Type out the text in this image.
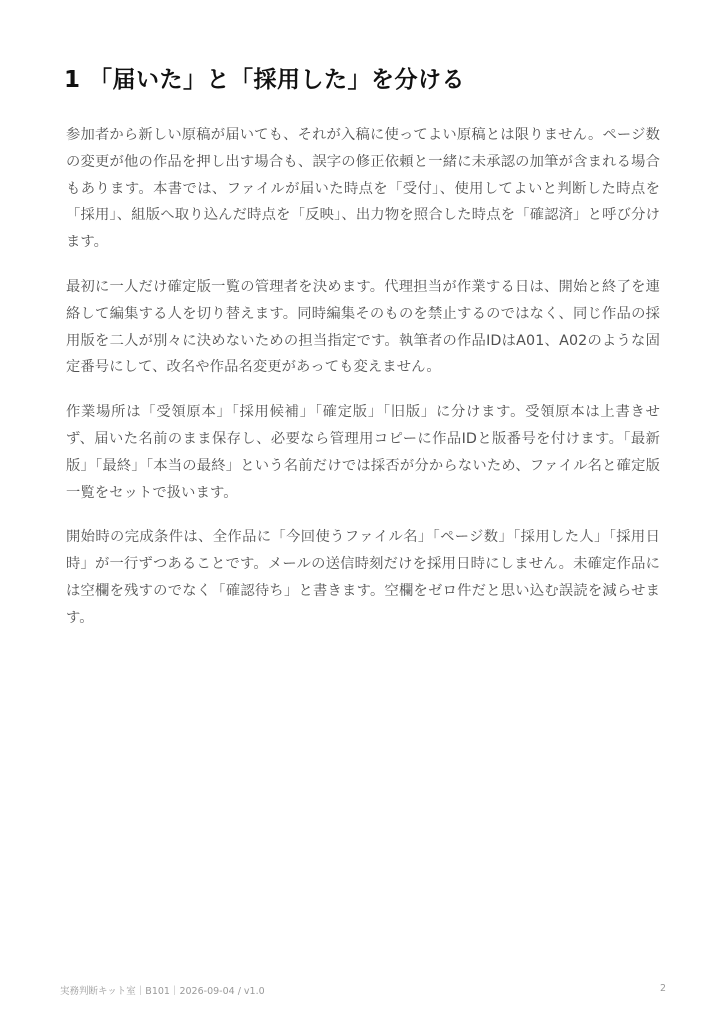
1 「届いた」と「採用した」を分ける

参加者から新しい原稿が届いても、それが入稿に使ってよい原稿とは限りません。ページ数の変更が他の作品を押し出す場合も、誤字の修正依頼と一緒に未承認の加筆が含まれる場合もあります。本書では、ファイルが届いた時点を「受付」、使用してよいと判断した時点を「採用」、組版へ取り込んだ時点を「反映」、出力物を照合した時点を「確認済」と呼び分けます。

最初に一人だけ確定版一覧の管理者を決めます。代理担当が作業する日は、開始と終了を連絡して編集する人を切り替えます。同時編集そのものを禁止するのではなく、同じ作品の採用版を二人が別々に決めないための担当指定です。執筆者の作品IDはA01、A02のような固定番号にして、改名や作品名変更があっても変えません。

作業場所は「受領原本」「採用候補」「確定版」「旧版」に分けます。受領原本は上書きせず、届いた名前のまま保存し、必要なら管理用コピーに作品IDと版番号を付けます。「最新版」「最終」「本当の最終」という名前だけでは採否が分からないため、ファイル名と確定版一覧をセットで扱います。

開始時の完成条件は、全作品に「今回使うファイル名」「ページ数」「採用した人」「採用日時」が一行ずつあることです。メールの送信時刻だけを採用日時にしません。未確定作品には空欄を残すのでなく「確認待ち」と書きます。空欄をゼロ件だと思い込む誤読を減らせます。

実務判断キット室｜B101｜2026-09-04 / v1.0	2
